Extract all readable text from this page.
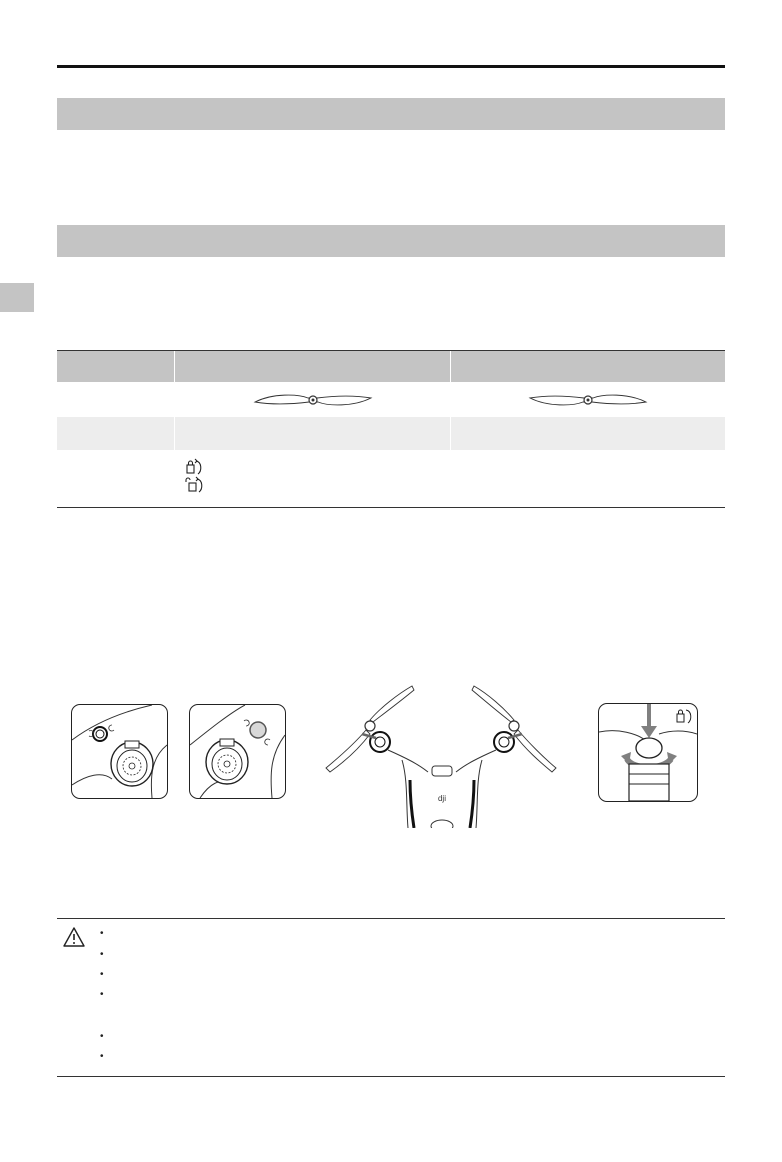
dji
•
•
•
•
•
•
